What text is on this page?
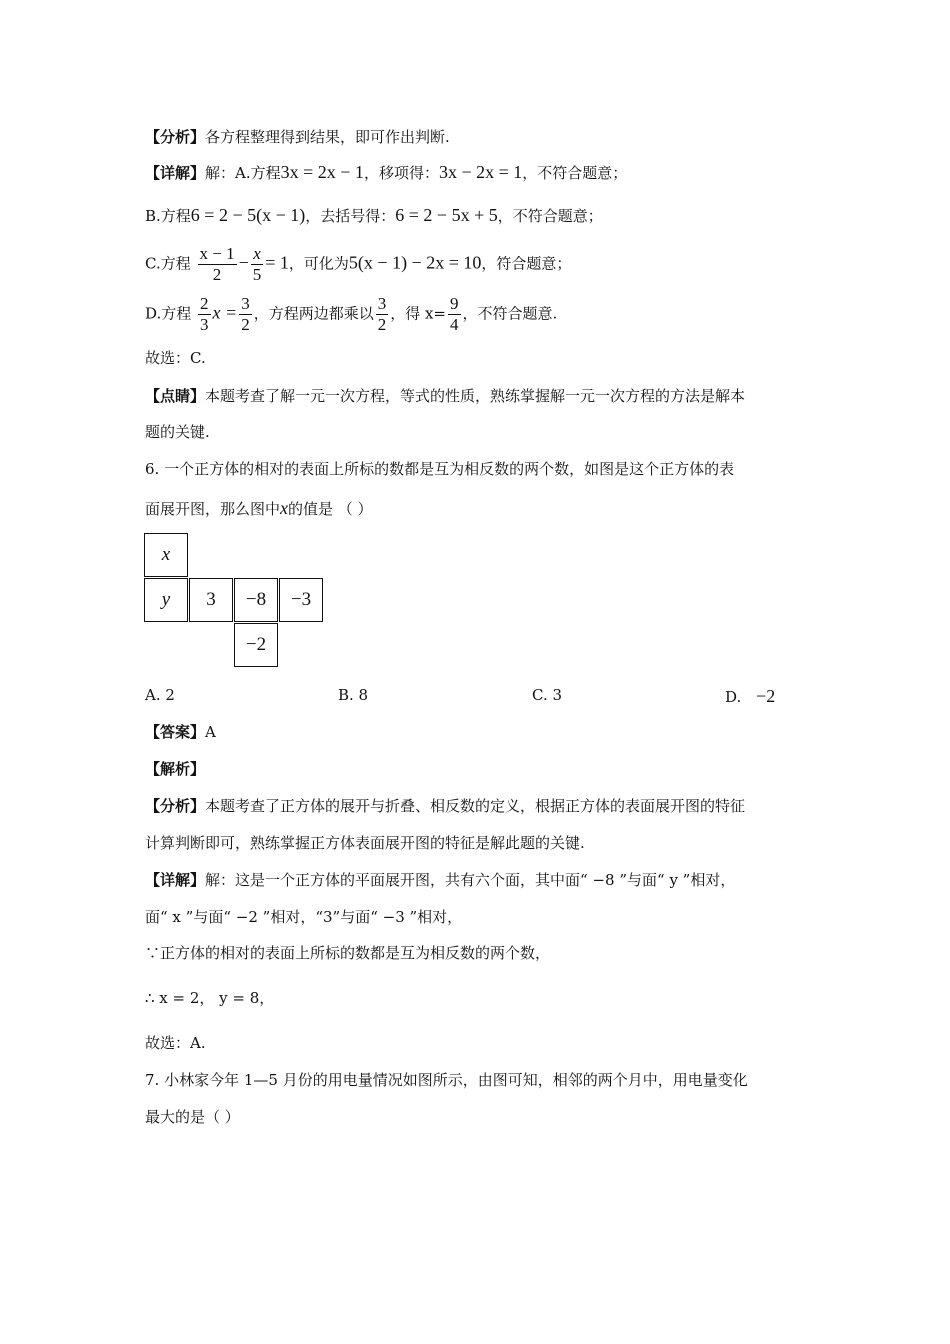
【分析】各方程整理得到结果，即可作出判断.
【详解】解：A.方程3x = 2x − 1，移项得：3x − 2x = 1，不符合题意；
B.方程6 = 2 − 5(x − 1)，去括号得：6 = 2 − 5x + 5，不符合题意；
C.方程 $\frac{x - 1}{2} - \frac{x}{5} = 1$，可化为5(x − 1) − 2x = 10，符合题意；
D.方程 $\frac{2}{3}$ $x = \frac{3}{2}$ ，方程两边都乘以 $\frac{3}{2}$ ，得 $x= \frac{9}{4}$ ，不符合题意.
故选：C.
【点睛】本题考查了解一元一次方程，等式的性质，熟练掌握解一元一次方程的方法是解本
题的关键.
6. 一个正方体的相对的表面上所标的数都是互为相反数的两个数，如图是这个正方体的表
面展开图，那么图中x的值是 （ ）
x
y	3	−8	−3
−2
A. 2	B. 8	C. 3	D. −2
【答案】A
【解析】
【分析】本题考查了正方体的展开与折叠、相反数的定义，根据正方体的表面展开图的特征
计算判断即可，熟练掌握正方体表面展开图的特征是解此题的关键.
【详解】解：这是一个正方体的平面展开图，共有六个面，其中面“ −8 ”与面“ y ”相对，
面“ x ”与面“ −2 ”相对，“3”与面“ −3 ”相对，
∵正方体的相对的表面上所标的数都是互为相反数的两个数，
∴ x = 2， y = 8，
故选：A.
7. 小林家今年 1—5 月份的用电量情况如图所示，由图可知，相邻的两个月中，用电量变化
最大的是（ ）
